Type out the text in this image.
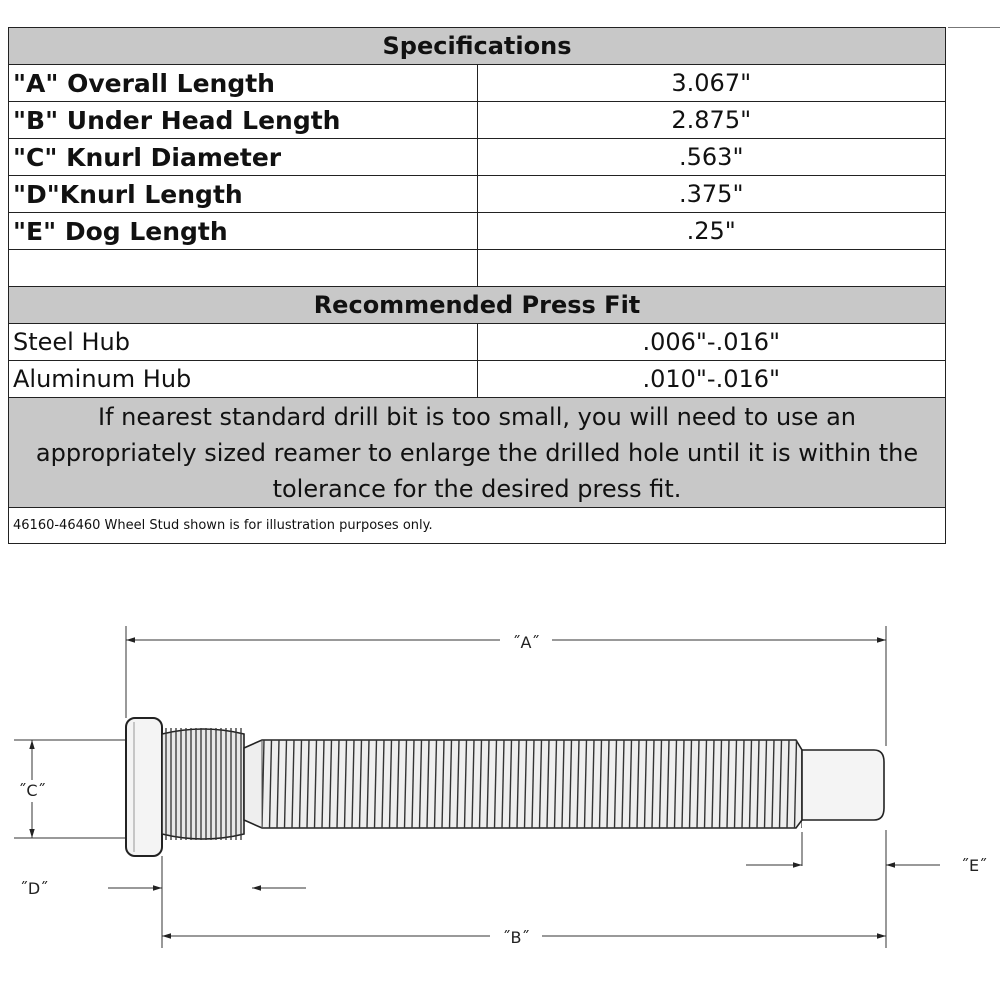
Specifications	
"A" Overall Length	3.067"
"B" Under Head Length	2.875"
"C" Knurl Diameter	.563"
"D"Knurl Length	.375"
"E" Dog Length	.25"

Recommended Press Fit	
Steel Hub	.006"-.016"
Aluminum Hub	.010"-.016"
If nearest standard drill bit is too small, you will need to use an appropriately sized reamer to enlarge the drilled hole until it is within the tolerance for the desired press fit.	
46160-46460 Wheel Stud shown is for illustration purposes only.	
˝A˝
˝B˝
˝C˝
˝D˝
˝E˝
